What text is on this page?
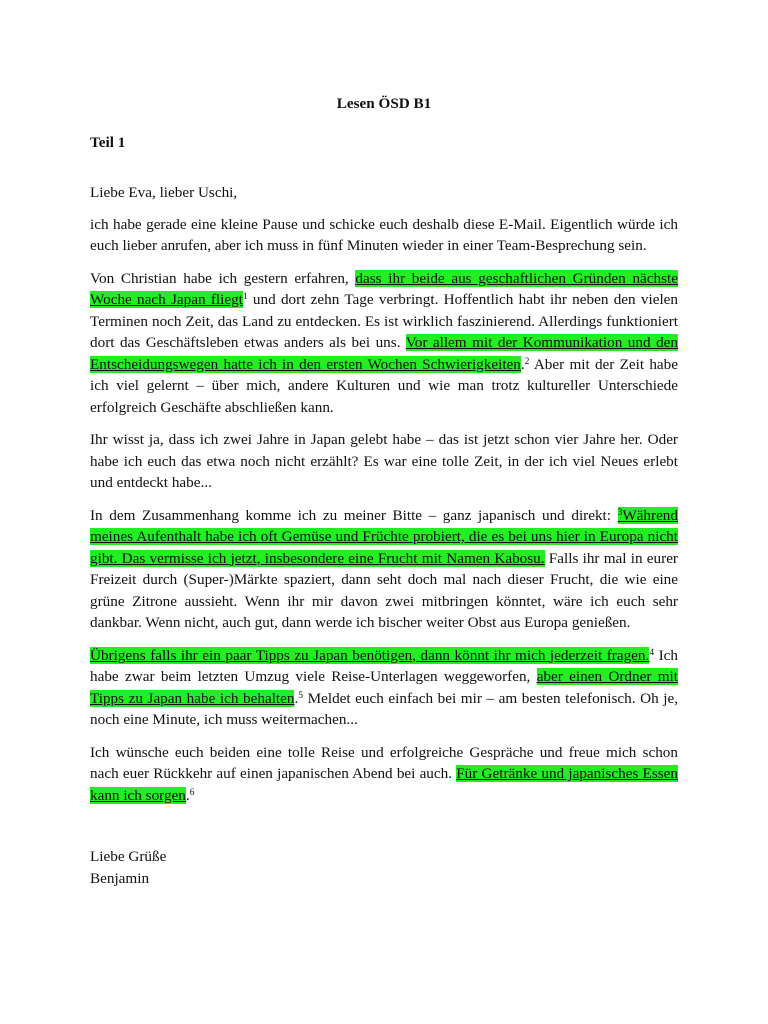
Lesen ÖSD B1
Teil 1

Liebe Eva, lieber Uschi,

ich habe gerade eine kleine Pause und schicke euch deshalb diese E-Mail. Eigentlich würde ich euch lieber anrufen, aber ich muss in fünf Minuten wieder in einer Team-Besprechung sein.

Von Christian habe ich gestern erfahren, dass ihr beide aus geschaftlichen Gründen nächste Woche nach Japan fliegt$^1$ und dort zehn Tage verbringt. Hoffentlich habt ihr neben den vielen Terminen noch Zeit, das Land zu entdecken. Es ist wirklich faszinierend. Allerdings funktioniert dort das Geschäftsleben etwas anders als bei uns. Vor allem mit der Kommunikation und den Entscheidungswegen hatte ich in den ersten Wochen Schwierigkeiten.$^2$ Aber mit der Zeit habe ich viel gelernt – über mich, andere Kulturen und wie man trotz kultureller Unterschiede erfolgreich Geschäfte abschließen kann.

Ihr wisst ja, dass ich zwei Jahre in Japan gelebt habe – das ist jetzt schon vier Jahre her. Oder habe ich euch das etwa noch nicht erzählt? Es war eine tolle Zeit, in der ich viel Neues erlebt und entdeckt habe...

In dem Zusammenhang komme ich zu meiner Bitte – ganz japanisch und direkt: $^3$Während meines Aufenthalt habe ich oft Gemüse und Früchte probiert, die es bei uns hier in Europa nicht gibt. Das vermisse ich jetzt, insbesondere eine Frucht mit Namen Kabosu. Falls ihr mal in eurer Freizeit durch (Super-)Märkte spaziert, dann seht doch mal nach dieser Frucht, die wie eine grüne Zitrone aussieht. Wenn ihr mir davon zwei mitbringen könntet, wäre ich euch sehr dankbar. Wenn nicht, auch gut, dann werde ich bischer weiter Obst aus Europa genießen.

Übrigens falls ihr ein paar Tipps zu Japan benötigen, dann könnt ihr mich jederzeit fragen.$^4$ Ich habe zwar beim letzten Umzug viele Reise-Unterlagen weggeworfen, aber einen Ordner mit Tipps zu Japan habe ich behalten.$^5$ Meldet euch einfach bei mir – am besten telefonisch. Oh je, noch eine Minute, ich muss weitermachen...

Ich wünsche euch beiden eine tolle Reise und erfolgreiche Gespräche und freue mich schon nach euer Rückkehr auf einen japanischen Abend bei auch. Für Getränke und japanisches Essen kann ich sorgen.$^6$

Liebe Grüße
Benjamin
